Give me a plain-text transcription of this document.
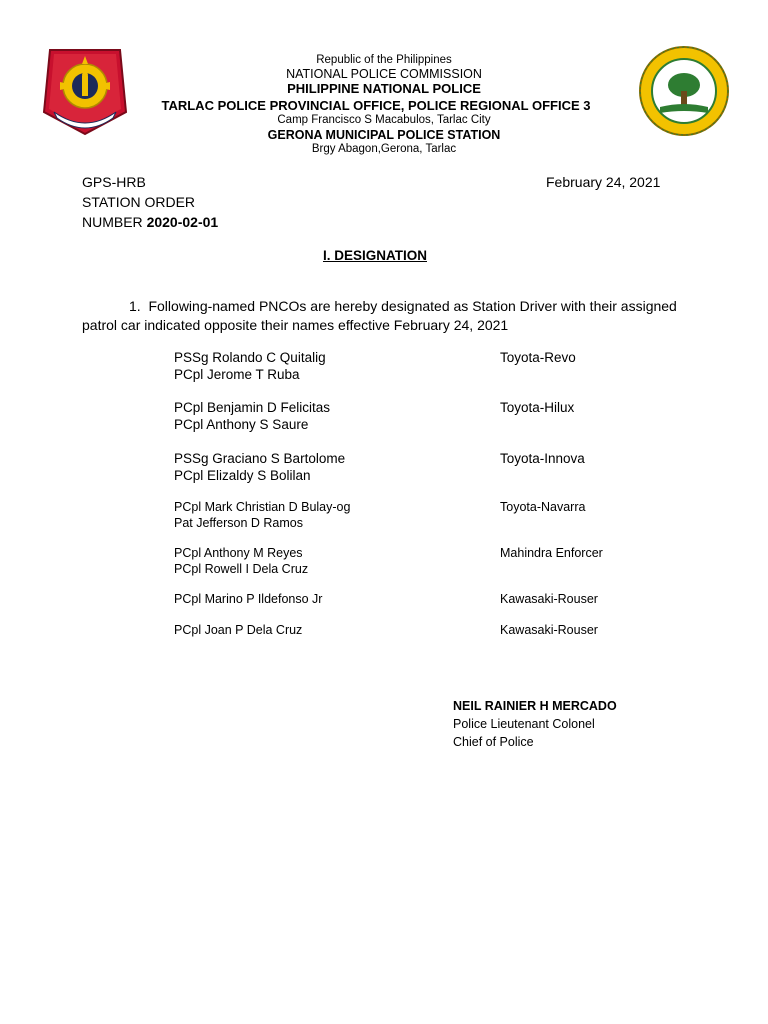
Republic of the Philippines
NATIONAL POLICE COMMISSION
PHILIPPINE NATIONAL POLICE
TARLAC POLICE PROVINCIAL OFFICE, POLICE REGIONAL OFFICE 3
Camp Francisco S Macabulos, Tarlac City
GERONA MUNICIPAL POLICE STATION
Brgy Abagon,Gerona, Tarlac
GPS-HRB
STATION ORDER
NUMBER 2020-02-01
February 24, 2021
I. DESIGNATION
1. Following-named PNCOs are hereby designated as Station Driver with their assigned patrol car indicated opposite their names effective February 24, 2021
PSSg Rolando C Quitalig
PCpl Jerome T Ruba
Toyota-Revo
PCpl Benjamin D Felicitas
PCpl Anthony S Saure
Toyota-Hilux
PSSg Graciano S Bartolome
PCpl Elizaldy S Bolilan
Toyota-Innova
PCpl Mark Christian D Bulay-og
Pat Jefferson D Ramos
Toyota-Navarra
PCpl Anthony M Reyes
PCpl Rowell I Dela Cruz
Mahindra Enforcer
PCpl Marino P Ildefonso Jr	Kawasaki-Rouser
PCpl Joan P Dela Cruz	Kawasaki-Rouser
NEIL RAINIER H MERCADO
Police Lieutenant Colonel
Chief of Police
